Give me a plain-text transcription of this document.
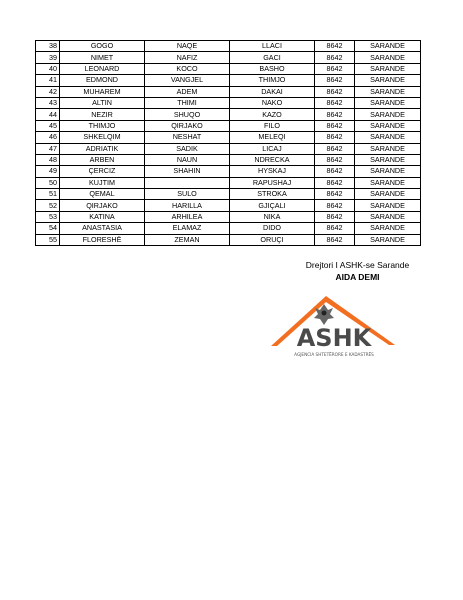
38	GOGO	NAQE	LLACI	8642	SARANDE
39	NIMET	NAFIZ	GACI	8642	SARANDE
40	LEONARD	KOCO	BASHO	8642	SARANDE
41	EDMOND	VANGJEL	THIMJO	8642	SARANDE
42	MUHAREM	ADEM	DAKAI	8642	SARANDE
43	ALTIN	THIMI	NAKO	8642	SARANDE
44	NEZIR	SHUQO	KAZO	8642	SARANDE
45	THIMJO	QIRJAKO	FILO	8642	SARANDE
46	SHKELQIM	NESHAT	MELEQI	8642	SARANDE
47	ADRIATIK	SADIK	LICAJ	8642	SARANDE
48	ARBEN	NAUN	NDRECKA	8642	SARANDE
49	ÇERCIZ	SHAHIN	HYSKAJ	8642	SARANDE
50	KUJTIM		RAPUSHAJ	8642	SARANDE
51	QEMAL	SULO	STROKA	8642	SARANDE
52	QIRJAKO	HARILLA	GJIÇALI	8642	SARANDE
53	KATINA	ARHILEA	NIKA	8642	SARANDE
54	ANASTASIA	ELAMAZ	DIDO	8642	SARANDE
55	FLORESHË	ZEMAN	ORUÇI	8642	SARANDE
Drejtori I ASHK-se Sarande
AIDA DEMI
ASHK
AGJENCIA SHTETËRORE E KADASTRËS
